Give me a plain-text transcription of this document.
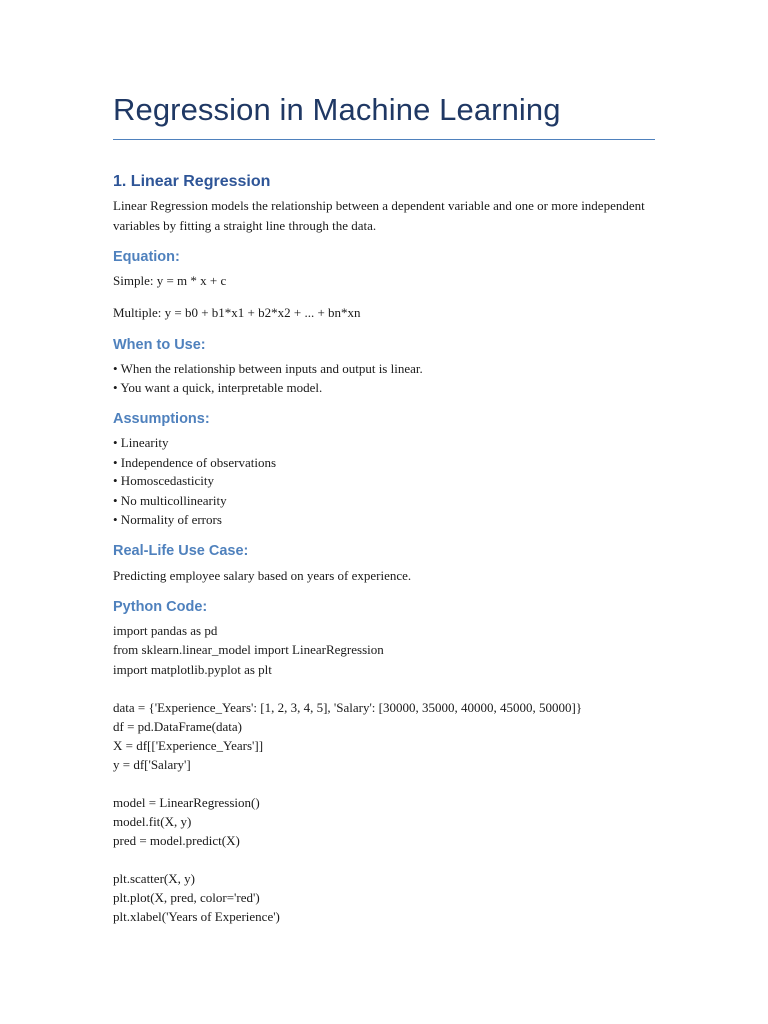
Regression in Machine Learning
1. Linear Regression
Linear Regression models the relationship between a dependent variable and one or more independent variables by fitting a straight line through the data.
Equation:
Simple: y = m * x + c
Multiple: y = b0 + b1*x1 + b2*x2 + ... + bn*xn
When to Use:
• When the relationship between inputs and output is linear.
• You want a quick, interpretable model.
Assumptions:
• Linearity
• Independence of observations
• Homoscedasticity
• No multicollinearity
• Normality of errors
Real-Life Use Case:
Predicting employee salary based on years of experience.
Python Code:
import pandas as pd
from sklearn.linear_model import LinearRegression
import matplotlib.pyplot as plt
data = {'Experience_Years': [1, 2, 3, 4, 5], 'Salary': [30000, 35000, 40000, 45000, 50000]}
df = pd.DataFrame(data)
X = df[['Experience_Years']]
y = df['Salary']
model = LinearRegression()
model.fit(X, y)
pred = model.predict(X)
plt.scatter(X, y)
plt.plot(X, pred, color='red')
plt.xlabel('Years of Experience')
